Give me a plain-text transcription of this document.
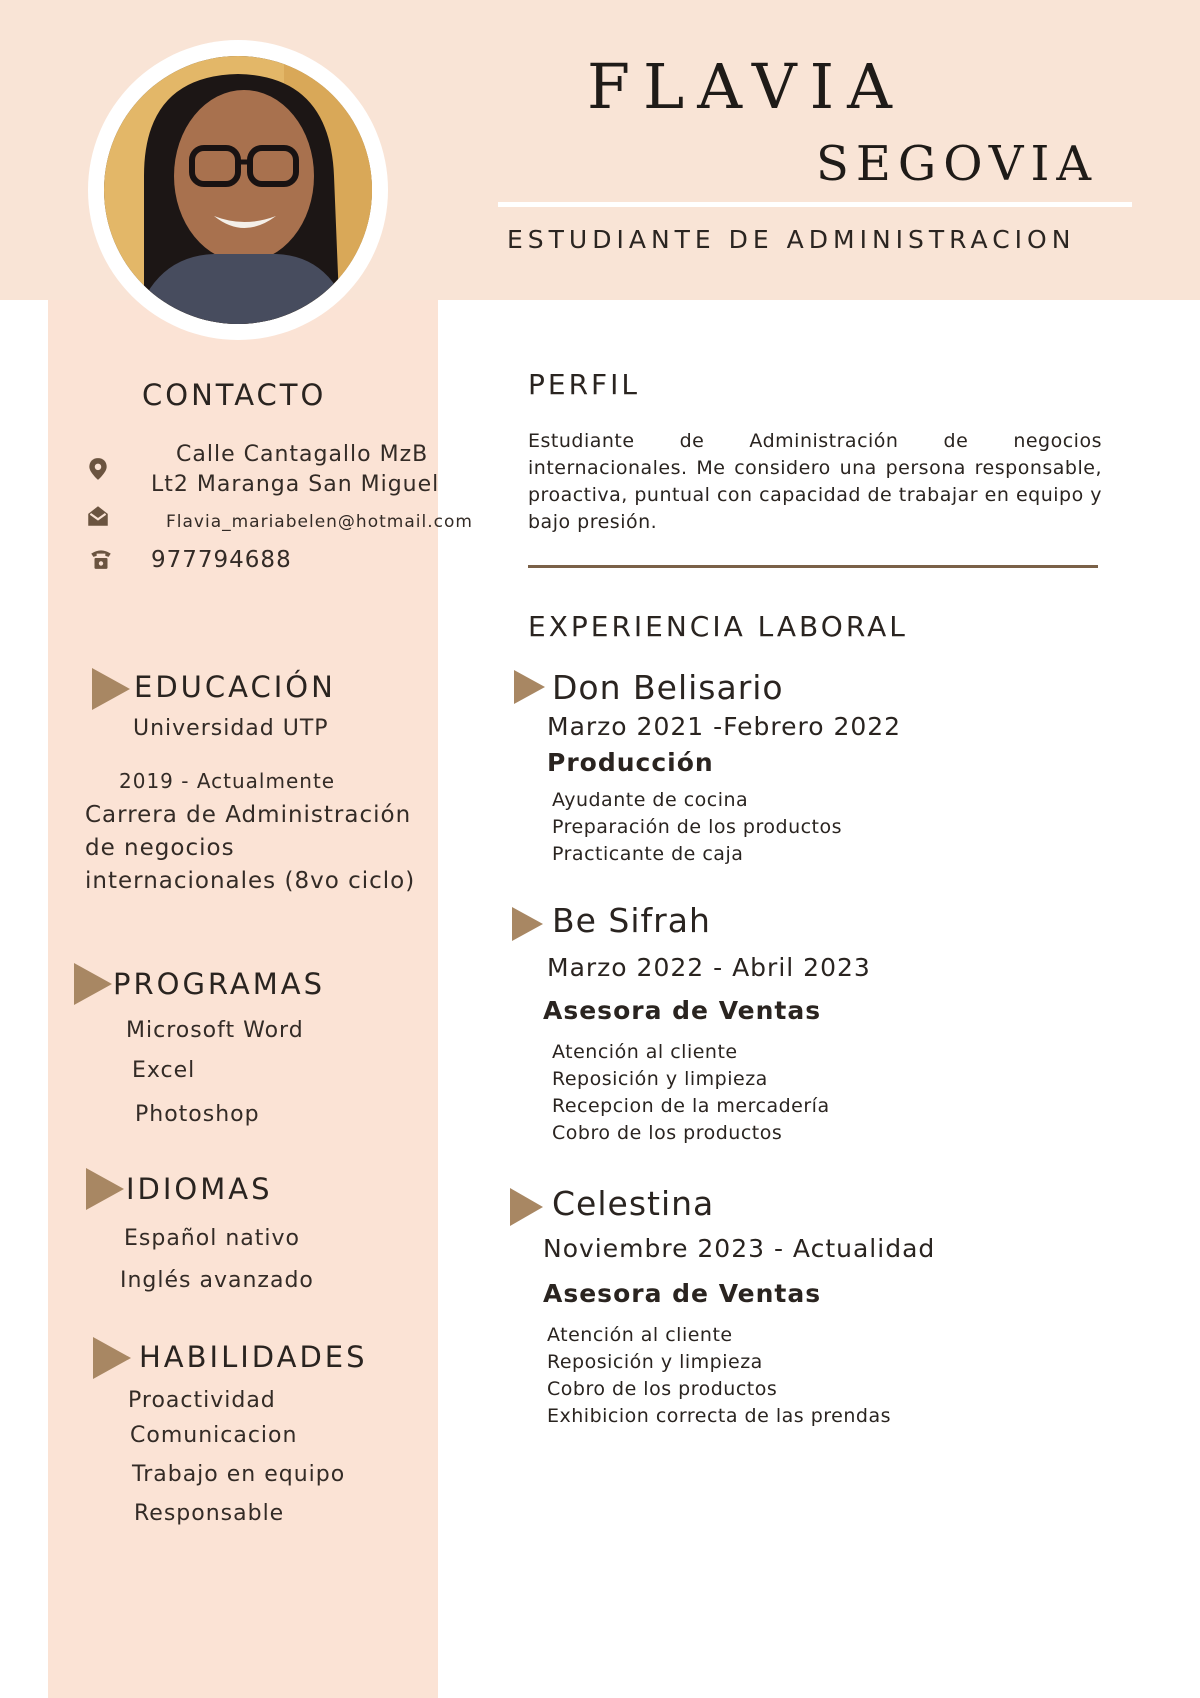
FLAVIA
SEGOVIA
ESTUDIANTE DE ADMINISTRACION
CONTACTO
Calle Cantagallo MzB
Lt2 Maranga San Miguel
Flavia_mariabelen@hotmail.com
977794688
EDUCACIÓN
Universidad UTP
2019 - Actualmente
Carrera de Administración
de negocios
internacionales (8vo ciclo)
PROGRAMAS
Microsoft Word
Excel
Photoshop
IDIOMAS
Español nativo
Inglés avanzado
HABILIDADES
Proactividad
Comunicacion
Trabajo en equipo
Responsable
PERFIL
Estudiante de Administración de negocios internacionales. Me considero una persona responsable, proactiva, puntual con capacidad de trabajar en equipo y bajo presión.
EXPERIENCIA LABORAL
Don Belisario
Marzo 2021 -Febrero 2022
Producción
Ayudante de cocina
Preparación de los productos
Practicante de caja
Be Sifrah
Marzo 2022 - Abril 2023
Asesora de Ventas
Atención al cliente
Reposición y limpieza
Recepcion de la mercadería
Cobro de los productos
Celestina
Noviembre 2023 - Actualidad
Asesora de Ventas
Atención al cliente
Reposición y limpieza
Cobro de los productos
Exhibicion correcta de las prendas
